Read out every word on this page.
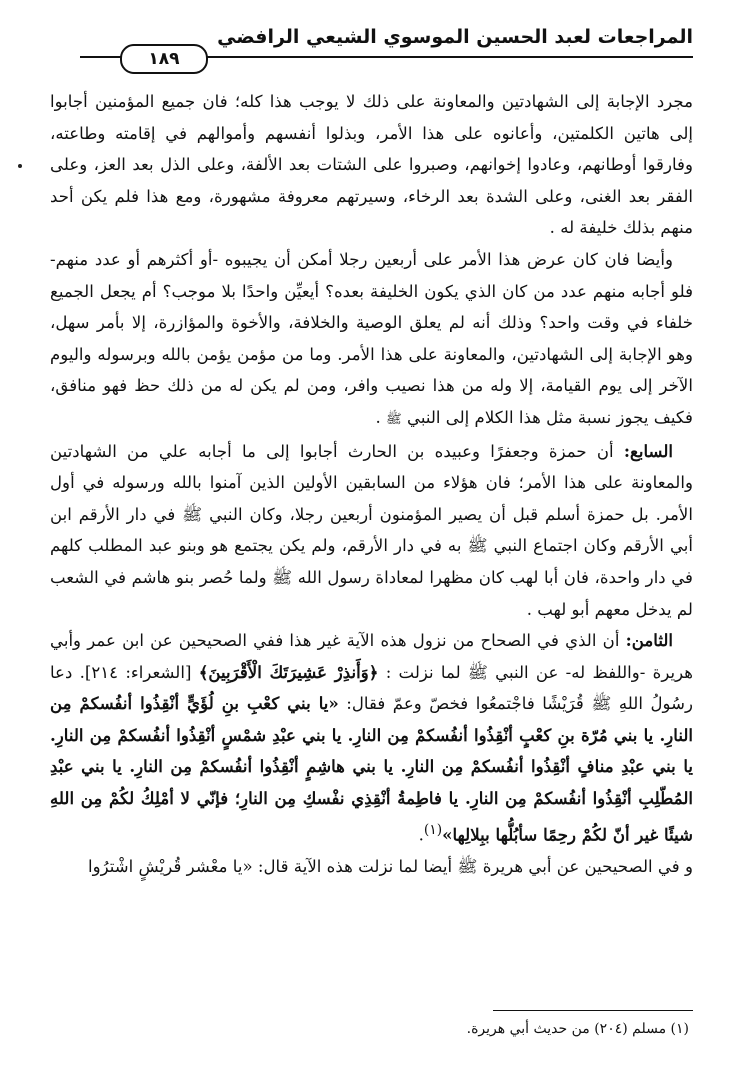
المراجعات لعبد الحسين الموسوي الشيعي الرافضي
١٨٩

مجرد الإجابة إلى الشهادتين والمعاونة على ذلك لا يوجب هذا كله؛ فان جميع المؤمنين أجابوا إلى هاتين الكلمتين، وأعانوه على هذا الأمر، وبذلوا أنفسهم وأموالهم في إقامته وطاعته، وفارقوا أوطانهم، وعادوا إخوانهم، وصبروا على الشتات بعد الألفة، وعلى الذل بعد العز، وعلى الفقر بعد الغنى، وعلى الشدة بعد الرخاء، وسيرتهم معروفة مشهورة، ومع هذا فلم يكن أحد منهم بذلك خليفة له .

وأيضا فان كان عرض هذا الأمر على أربعين رجلا أمكن أن يجيبوه -أو أكثرهم أو عدد منهم- فلو أجابه منهم عدد من كان الذي يكون الخليفة بعده؟ أيعيِّن واحدًا بلا موجب؟ أم يجعل الجميع خلفاء في وقت واحد؟ وذلك أنه لم يعلق الوصية والخلافة، والأخوة والمؤازرة، إلا بأمر سهل، وهو الإجابة إلى الشهادتين، والمعاونة على هذا الأمر. وما من مؤمن يؤمن بالله وبرسوله واليوم الآخر إلى يوم القيامة، إلا وله من هذا نصيب وافر، ومن لم يكن له من ذلك حظ فهو منافق، فكيف يجوز نسبة مثل هذا الكلام إلى النبي ﷺ .

السابع: أن حمزة وجعفرًا وعبيده بن الحارث أجابوا إلى ما أجابه علي من الشهادتين والمعاونة على هذا الأمر؛ فان هؤلاء من السابقين الأولين الذين آمنوا بالله ورسوله في أول الأمر. بل حمزة أسلم قبل أن يصير المؤمنون أربعين رجلا، وكان النبي ﷺ في دار الأرقم ابن أبي الأرقم وكان اجتماع النبي ﷺ به في دار الأرقم، ولم يكن يجتمع هو وبنو عبد المطلب كلهم في دار واحدة، فان أبا لهب كان مظهرا لمعاداة رسول الله ﷺ ولما حُصر بنو هاشم في الشعب لم يدخل معهم أبو لهب .

الثامن: أن الذي في الصحاح من نزول هذه الآية غير هذا ففي الصحيحين عن ابن عمر وأبي هريرة -واللفظ له- عن النبي ﷺ لما نزلت : ﴿وَأَنذِرْ عَشِيرَتَكَ الْأَقْرَبِينَ﴾ [الشعراء: ٢١٤]. دعا رسُولُ اللهِ ﷺ قُرَيْشًا فاجْتمعُوا فخصّ وعمّ فقال: «يا بني كعْبِ بنِ لُؤَيٍّ أنْقِذُوا أنفُسكمْ مِن النارِ. يا بني مُرّة بنِ كعْبٍ أنْقِذُوا أنفُسكمْ مِن النارِ. يا بني عبْدِ شمْسٍ أنْقِذُوا أنفُسكمْ مِن النارِ. يا بني عبْدِ منافٍ أنْقِذُوا أنفُسكمْ مِن النارِ. يا بني هاشِمٍ أنْقِذُوا أنفُسكمْ مِن النارِ. يا بني عبْدِ المُطّلِبِ أنْقِذُوا أنفُسكمْ مِن النارِ. يا فاطِمةُ أنْقِذِي نفْسكِ مِن النارِ؛ فإنّي لا أمْلِكُ لكُمْ مِن اللهِ شيئًا غير أنّ لكُمْ رحِمًا سأبُلُّها ببِلالِها»$^{(١)}$.

و في الصحيحين عن أبي هريرة ﷺ أيضا لما نزلت هذه الآية قال: «يا معْشر قُريْشٍ اشْترُوا

(١) مسلم (٢٠٤) من حديث أبي هريرة.
